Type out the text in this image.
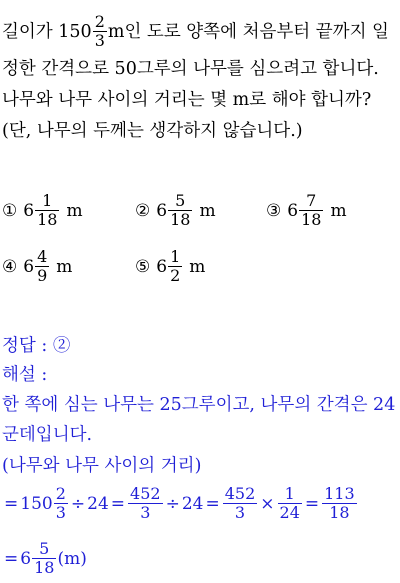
길이가 $150 \frac{2}{3}$ m인 도로 양쪽에 처음부터 끝까지 일
정한 간격으로 50그루의 나무를 심으려고 합니다.
나무와 나무 사이의 거리는 몇 m로 해야 합니까?
(단, 나무의 두께는 생각하지 않습니다.)
① $6 \frac{1}{18}$ m	② $6 \frac{5}{18}$ m	③ $6 \frac{7}{18}$ m
④ $6 \frac{4}{9}$ m	⑤ $6 \frac{1}{2}$ m
정답 : ②
해설 :
한 쪽에 심는 나무는 25그루이고, 나무의 간격은 24
군데입니다.
(나무와 나무 사이의 거리)
= $150 \frac{2}{3} \div 24 = \frac{452}{3} \div 24 = \frac{452}{3} \times \frac{1}{24} = \frac{113}{18}$
= $6 \frac{5}{18} (m)$
